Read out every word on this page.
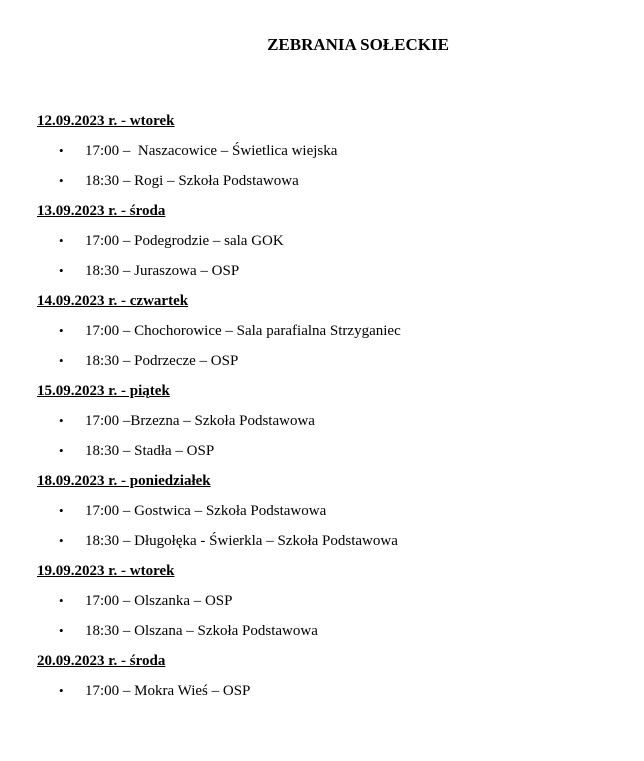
ZEBRANIA SOŁECKIE
12.09.2023 r. - wtorek
• 17:00 –  Naszacowice – Świetlica wiejska
• 18:30 – Rogi – Szkoła Podstawowa
13.09.2023 r. - środa
• 17:00 – Podegrodzie – sala GOK
• 18:30 – Juraszowa – OSP
14.09.2023 r. - czwartek
• 17:00 – Chochorowice – Sala parafialna Strzyganiec
• 18:30 – Podrzecze – OSP
15.09.2023 r. - piątek
• 17:00 –Brzezna – Szkoła Podstawowa
• 18:30 – Stadła – OSP
18.09.2023 r. - poniedziałek
• 17:00 – Gostwica – Szkoła Podstawowa
• 18:30 – Długołęka - Świerkla – Szkoła Podstawowa
19.09.2023 r. - wtorek
• 17:00 – Olszanka – OSP
• 18:30 – Olszana – Szkoła Podstawowa
20.09.2023 r. - środa
• 17:00 – Mokra Wieś – OSP
